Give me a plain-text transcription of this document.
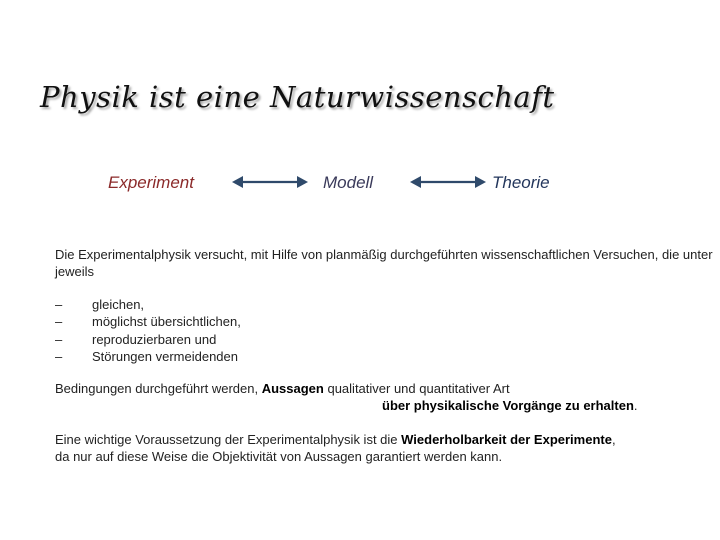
Physik ist eine Naturwissenschaft
Experiment	Modell	Theorie

Die Experimentalphysik versucht, mit Hilfe von planmäßig durchgeführten wissenschaftlichen Versuchen, die unter jeweils

– gleichen,
– möglichst übersichtlichen,
– reproduzierbaren und
– Störungen vermeidenden

Bedingungen durchgeführt werden, Aussagen qualitativer und quantitativer Art
über physikalische Vorgänge zu erhalten.

Eine wichtige Voraussetzung der Experimentalphysik ist die Wiederholbarkeit der Experimente,
da nur auf diese Weise die Objektivität von Aussagen garantiert werden kann.
